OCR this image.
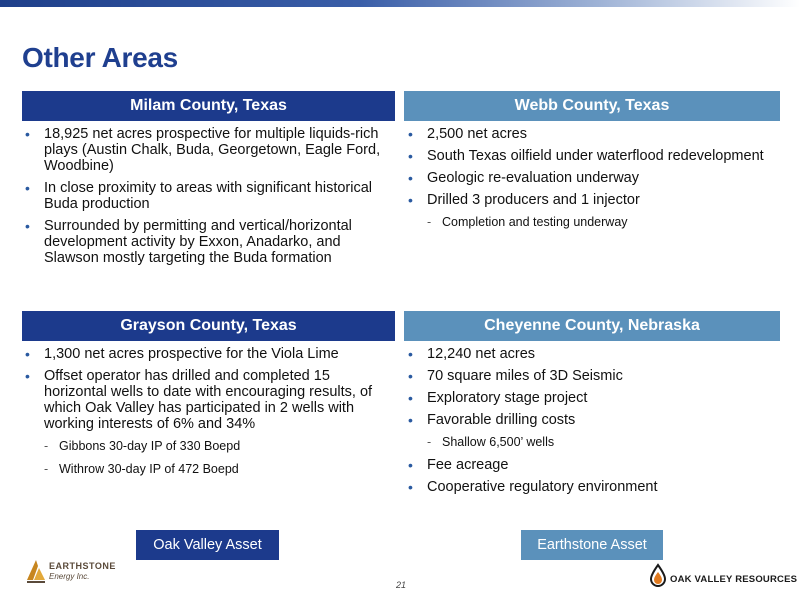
Other Areas
Milam County, Texas
• 18,925 net acres prospective for multiple liquids-rich plays (Austin Chalk, Buda, Georgetown, Eagle Ford, Woodbine)
• In close proximity to areas with significant historical Buda production
• Surrounded by permitting and vertical/horizontal development activity by Exxon, Anadarko, and Slawson mostly targeting the Buda formation
Webb County, Texas
• 2,500 net acres
• South Texas oilfield under waterflood redevelopment
• Geologic re-evaluation underway
• Drilled 3 producers and 1 injector
- Completion and testing underway
Grayson County, Texas
• 1,300 net acres prospective for the Viola Lime
• Offset operator has drilled and completed 15 horizontal wells to date with encouraging results, of which Oak Valley has participated in 2 wells with working interests of 6% and 34%
- Gibbons 30-day IP of 330 Boepd
- Withrow 30-day IP of 472 Boepd
Cheyenne County, Nebraska
• 12,240 net acres
• 70 square miles of 3D Seismic
• Exploratory stage project
• Favorable drilling costs
- Shallow 6,500’ wells
• Fee acreage
• Cooperative regulatory environment
Oak Valley Asset	Earthstone Asset
EARTHSTONE
Energy Inc.
21	OAK VALLEY RESOURCES
